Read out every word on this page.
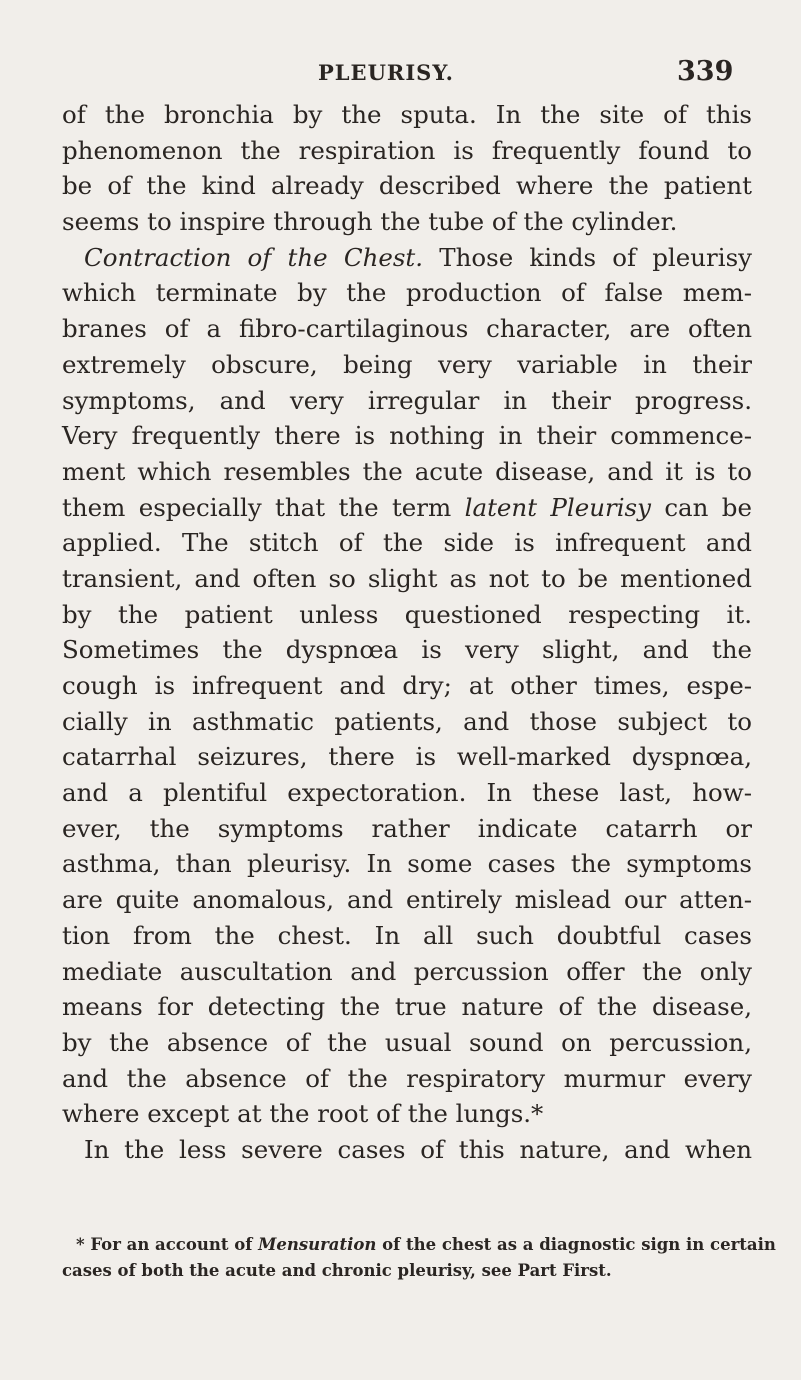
PLEURISY.	339
of the bronchia by the sputa. In the site of this
phenomenon the respiration is frequently found to
be of the kind already described where the patient
seems to inspire through the tube of the cylinder.
Contraction of the Chest. Those kinds of pleurisy
which terminate by the production of false mem-
branes of a fibro-cartilaginous character, are often
extremely obscure, being very variable in their
symptoms, and very irregular in their progress.
Very frequently there is nothing in their commence-
ment which resembles the acute disease, and it is to
them especially that the term latent Pleurisy can be
applied. The stitch of the side is infrequent and
transient, and often so slight as not to be mentioned
by the patient unless questioned respecting it.
Sometimes the dyspnœa is very slight, and the
cough is infrequent and dry; at other times, espe-
cially in asthmatic patients, and those subject to
catarrhal seizures, there is well-marked dyspnœa,
and a plentiful expectoration. In these last, how-
ever, the symptoms rather indicate catarrh or
asthma, than pleurisy. In some cases the symptoms
are quite anomalous, and entirely mislead our atten-
tion from the chest. In all such doubtful cases
mediate auscultation and percussion offer the only
means for detecting the true nature of the disease,
by the absence of the usual sound on percussion,
and the absence of the respiratory murmur every
where except at the root of the lungs.*
In the less severe cases of this nature, and when
* For an account of Mensuration of the chest as a diagnostic sign in certain
cases of both the acute and chronic pleurisy, see Part First.
